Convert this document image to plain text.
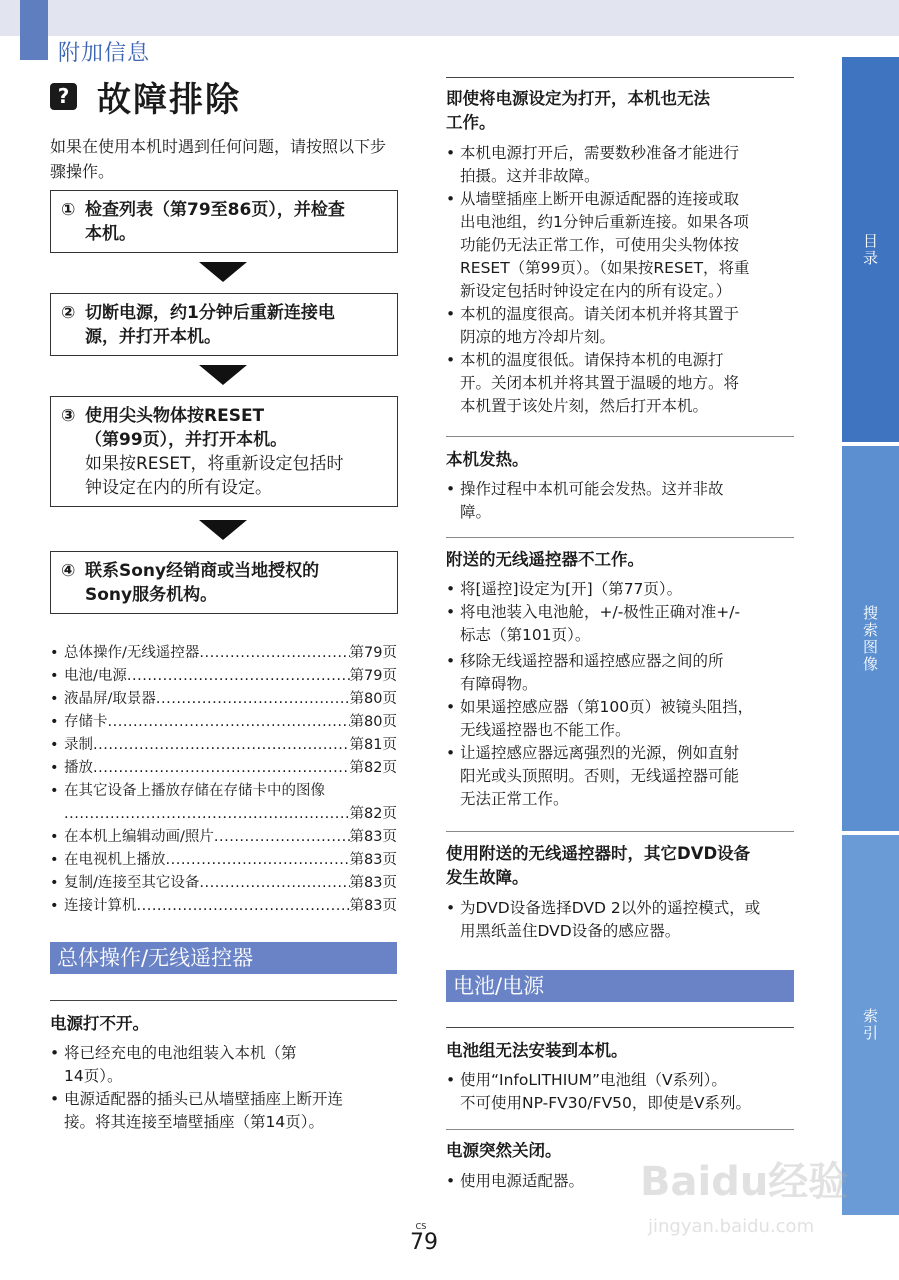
附加信息
? 故障排除
如果在使用本机时遇到任何问题，请按照以下步骤操作。
① 检查列表（第79至86页），并检查
本机。
② 切断电源，约1分钟后重新连接电
源，并打开本机。
③ 使用尖头物体按RESET
（第99页），并打开本机。
如果按RESET，将重新设定包括时
钟设定在内的所有设定。
④ 联系Sony经销商或当地授权的
Sony服务机构。
• 总体操作/无线遥控器 .....	第79页
• 电池/电源 .....	第79页
• 液晶屏/取景器 .....	第80页
• 存储卡 .....	第80页
• 录制 .....	第81页
• 播放 .....	第82页
• 在其它设备上播放存储在存储卡中的图像
.....
第82页
• 在本机上编辑动画/照片 .....	第83页
• 在电视机上播放 .....	第83页
• 复制/连接至其它设备 .....	第83页
• 连接计算机 .....	第83页
总体操作/无线遥控器
电源打不开。
• 将已经充电的电池组装入本机（第
14页）。
• 电源适配器的插头已从墙壁插座上断开连
接。将其连接至墙壁插座（第14页）。
即使将电源设定为打开，本机也无法
工作。
• 本机电源打开后，需要数秒准备才能进行
拍摄。这并非故障。
• 从墙壁插座上断开电源适配器的连接或取
出电池组，约1分钟后重新连接。如果各项
功能仍无法正常工作，可使用尖头物体按
RESET（第99页）。（如果按RESET，将重
新设定包括时钟设定在内的所有设定。）
• 本机的温度很高。请关闭本机并将其置于
阴凉的地方冷却片刻。
• 本机的温度很低。请保持本机的电源打
开。关闭本机并将其置于温暖的地方。将
本机置于该处片刻，然后打开本机。
本机发热。
• 操作过程中本机可能会发热。这并非故
障。
附送的无线遥控器不工作。
• 将[遥控]设定为[开]（第77页）。
• 将电池装入电池舱，+/-极性正确对准+/-
标志（第101页）。
• 移除无线遥控器和遥控感应器之间的所
有障碍物。
• 如果遥控感应器（第100页）被镜头阻挡，
无线遥控器也不能工作。
• 让遥控感应器远离强烈的光源，例如直射
阳光或头顶照明。否则，无线遥控器可能
无法正常工作。
使用附送的无线遥控器时，其它DVD设备
发生故障。
• 为DVD设备选择DVD 2以外的遥控模式，或
用黑纸盖住DVD设备的感应器。
电池/电源
电池组无法安装到本机。
• 使用“InfoLITHIUM”电池组（V系列）。
不可使用NP-FV30/FV50，即使是V系列。
电源突然关闭。
• 使用电源适配器。
目录
搜索图像
索引
CS
79
Baidu经验
jingyan.baidu.com
